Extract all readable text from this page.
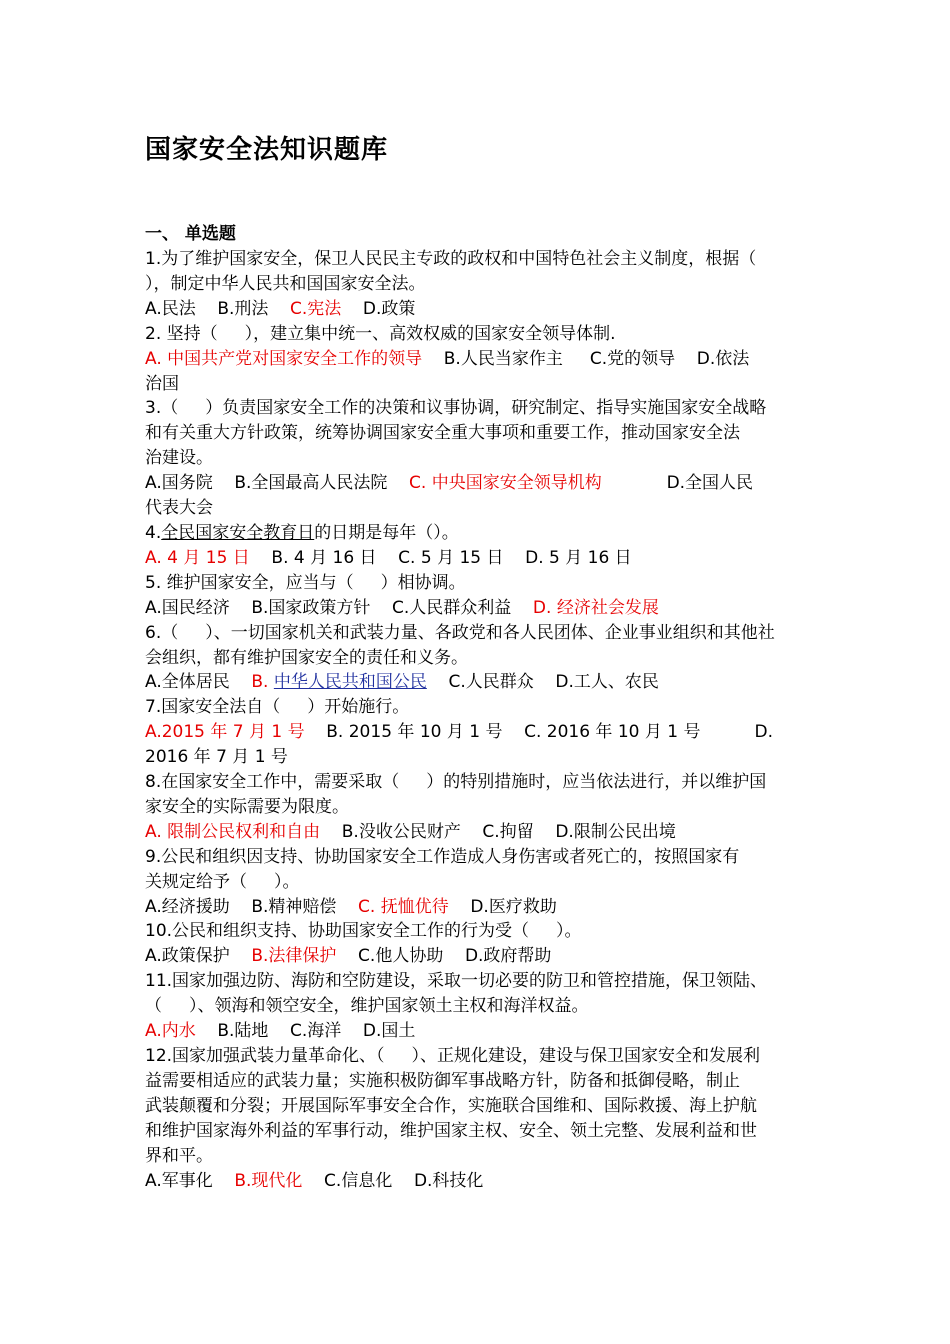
国家安全法知识题库
一、 单选题
1.为了维护国家安全，保卫人民民主专政的政权和中国特色社会主义制度，根据（
），制定中华人民共和国国家安全法。
A.民法    B.刑法    C.宪法    D.政策
2. 坚持（     ），建立集中统一、高效权威的国家安全领导体制.
A. 中国共产党对国家安全工作的领导    B.人民当家作主     C.党的领导    D.依法
治国
3.（     ）负责国家安全工作的决策和议事协调，研究制定、指导实施国家安全战略
和有关重大方针政策，统筹协调国家安全重大事项和重要工作，推动国家安全法
治建设。
A.国务院    B.全国最高人民法院    C. 中央国家安全领导机构            D.全国人民
代表大会
4.全民国家安全教育日的日期是每年（）。
A. 4 月 15 日    B. 4 月 16 日    C. 5 月 15 日    D. 5 月 16 日
5. 维护国家安全，应当与（     ）相协调。
A.国民经济    B.国家政策方针    C.人民群众利益    D. 经济社会发展
6.（     ）、一切国家机关和武装力量、各政党和各人民团体、企业事业组织和其他社
会组织，都有维护国家安全的责任和义务。
A.全体居民    B. 中华人民共和国公民    C.人民群众    D.工人、农民
7.国家安全法自（     ）开始施行。
A.2015 年 7 月 1 号    B. 2015 年 10 月 1 号    C. 2016 年 10 月 1 号          D.
2016 年 7 月 1 号
8.在国家安全工作中，需要采取（     ）的特别措施时，应当依法进行，并以维护国
家安全的实际需要为限度。
A. 限制公民权利和自由    B.没收公民财产    C.拘留    D.限制公民出境
9.公民和组织因支持、协助国家安全工作造成人身伤害或者死亡的，按照国家有
关规定给予（     ）。
A.经济援助    B.精神赔偿    C. 抚恤优待    D.医疗救助
10.公民和组织支持、协助国家安全工作的行为受（     ）。
A.政策保护    B.法律保护    C.他人协助    D.政府帮助
11.国家加强边防、海防和空防建设，采取一切必要的防卫和管控措施，保卫领陆、
（     ）、领海和领空安全，维护国家领土主权和海洋权益。
A.内水    B.陆地    C.海洋    D.国土
12.国家加强武装力量革命化、（     ）、正规化建设，建设与保卫国家安全和发展利
益需要相适应的武装力量；实施积极防御军事战略方针，防备和抵御侵略，制止
武装颠覆和分裂；开展国际军事安全合作，实施联合国维和、国际救援、海上护航
和维护国家海外利益的军事行动，维护国家主权、安全、领土完整、发展利益和世
界和平。
A.军事化    B.现代化    C.信息化    D.科技化
